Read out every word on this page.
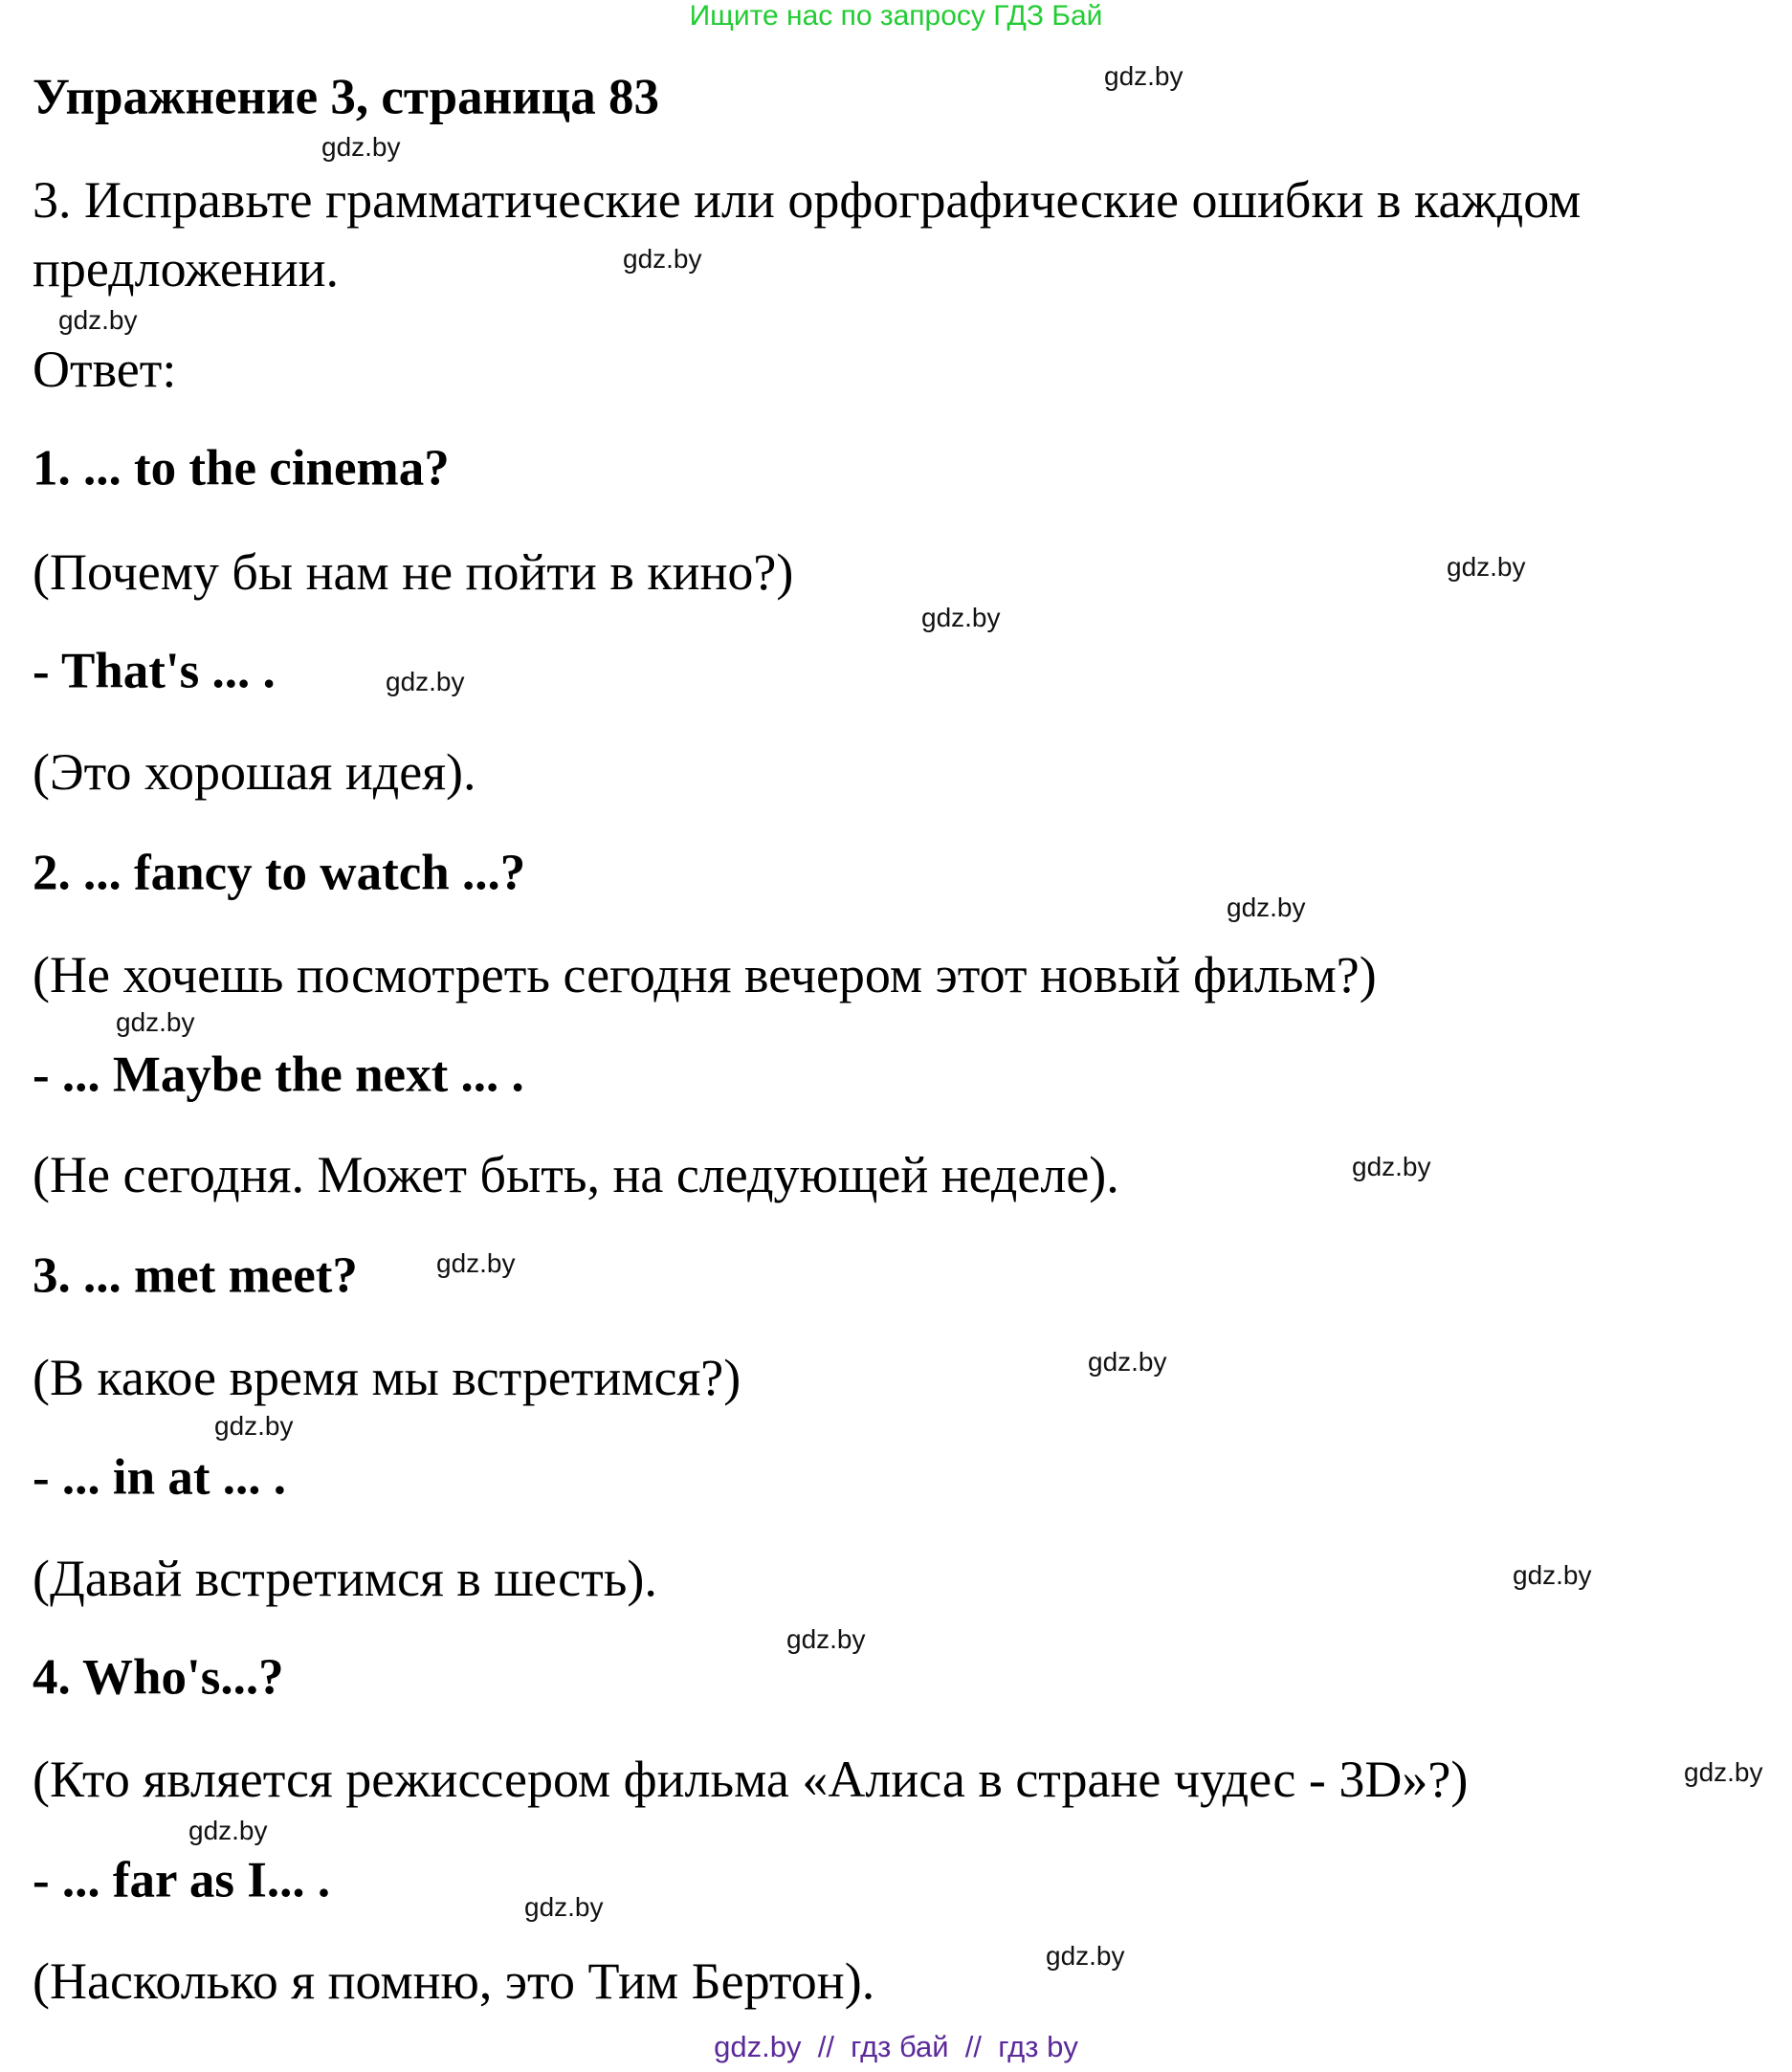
Ищите нас по запросу ГДЗ Бай
Упражнение 3, страница 83
3. Исправьте грамматические или орфографические ошибки в каждом
предложении.
Ответ:
1. ... to the cinema?
(Почему бы нам не пойти в кино?)
- That's ... .
(Это хорошая идея).
2. ... fancy to watch ...?
(Не хочешь посмотреть сегодня вечером этот новый фильм?)
- ... Maybe the next ... .
(Не сегодня. Может быть, на следующей неделе).
3. ... met meet?
(В какое время мы встретимся?)
- ... in at ... .
(Давай встретимся в шесть).
4. Who's...?
(Кто является режиссером фильма «Алиса в стране чудес - 3D»?)
- ... far as I... .
(Насколько я помню, это Тим Бертон).
gdz.by
gdz.by
gdz.by
gdz.by
gdz.by
gdz.by
gdz.by
gdz.by
gdz.by
gdz.by
gdz.by
gdz.by
gdz.by
gdz.by
gdz.by
gdz.by
gdz.by
gdz.by
gdz.by
gdz.by  //  гдз бай  //  гдз by
